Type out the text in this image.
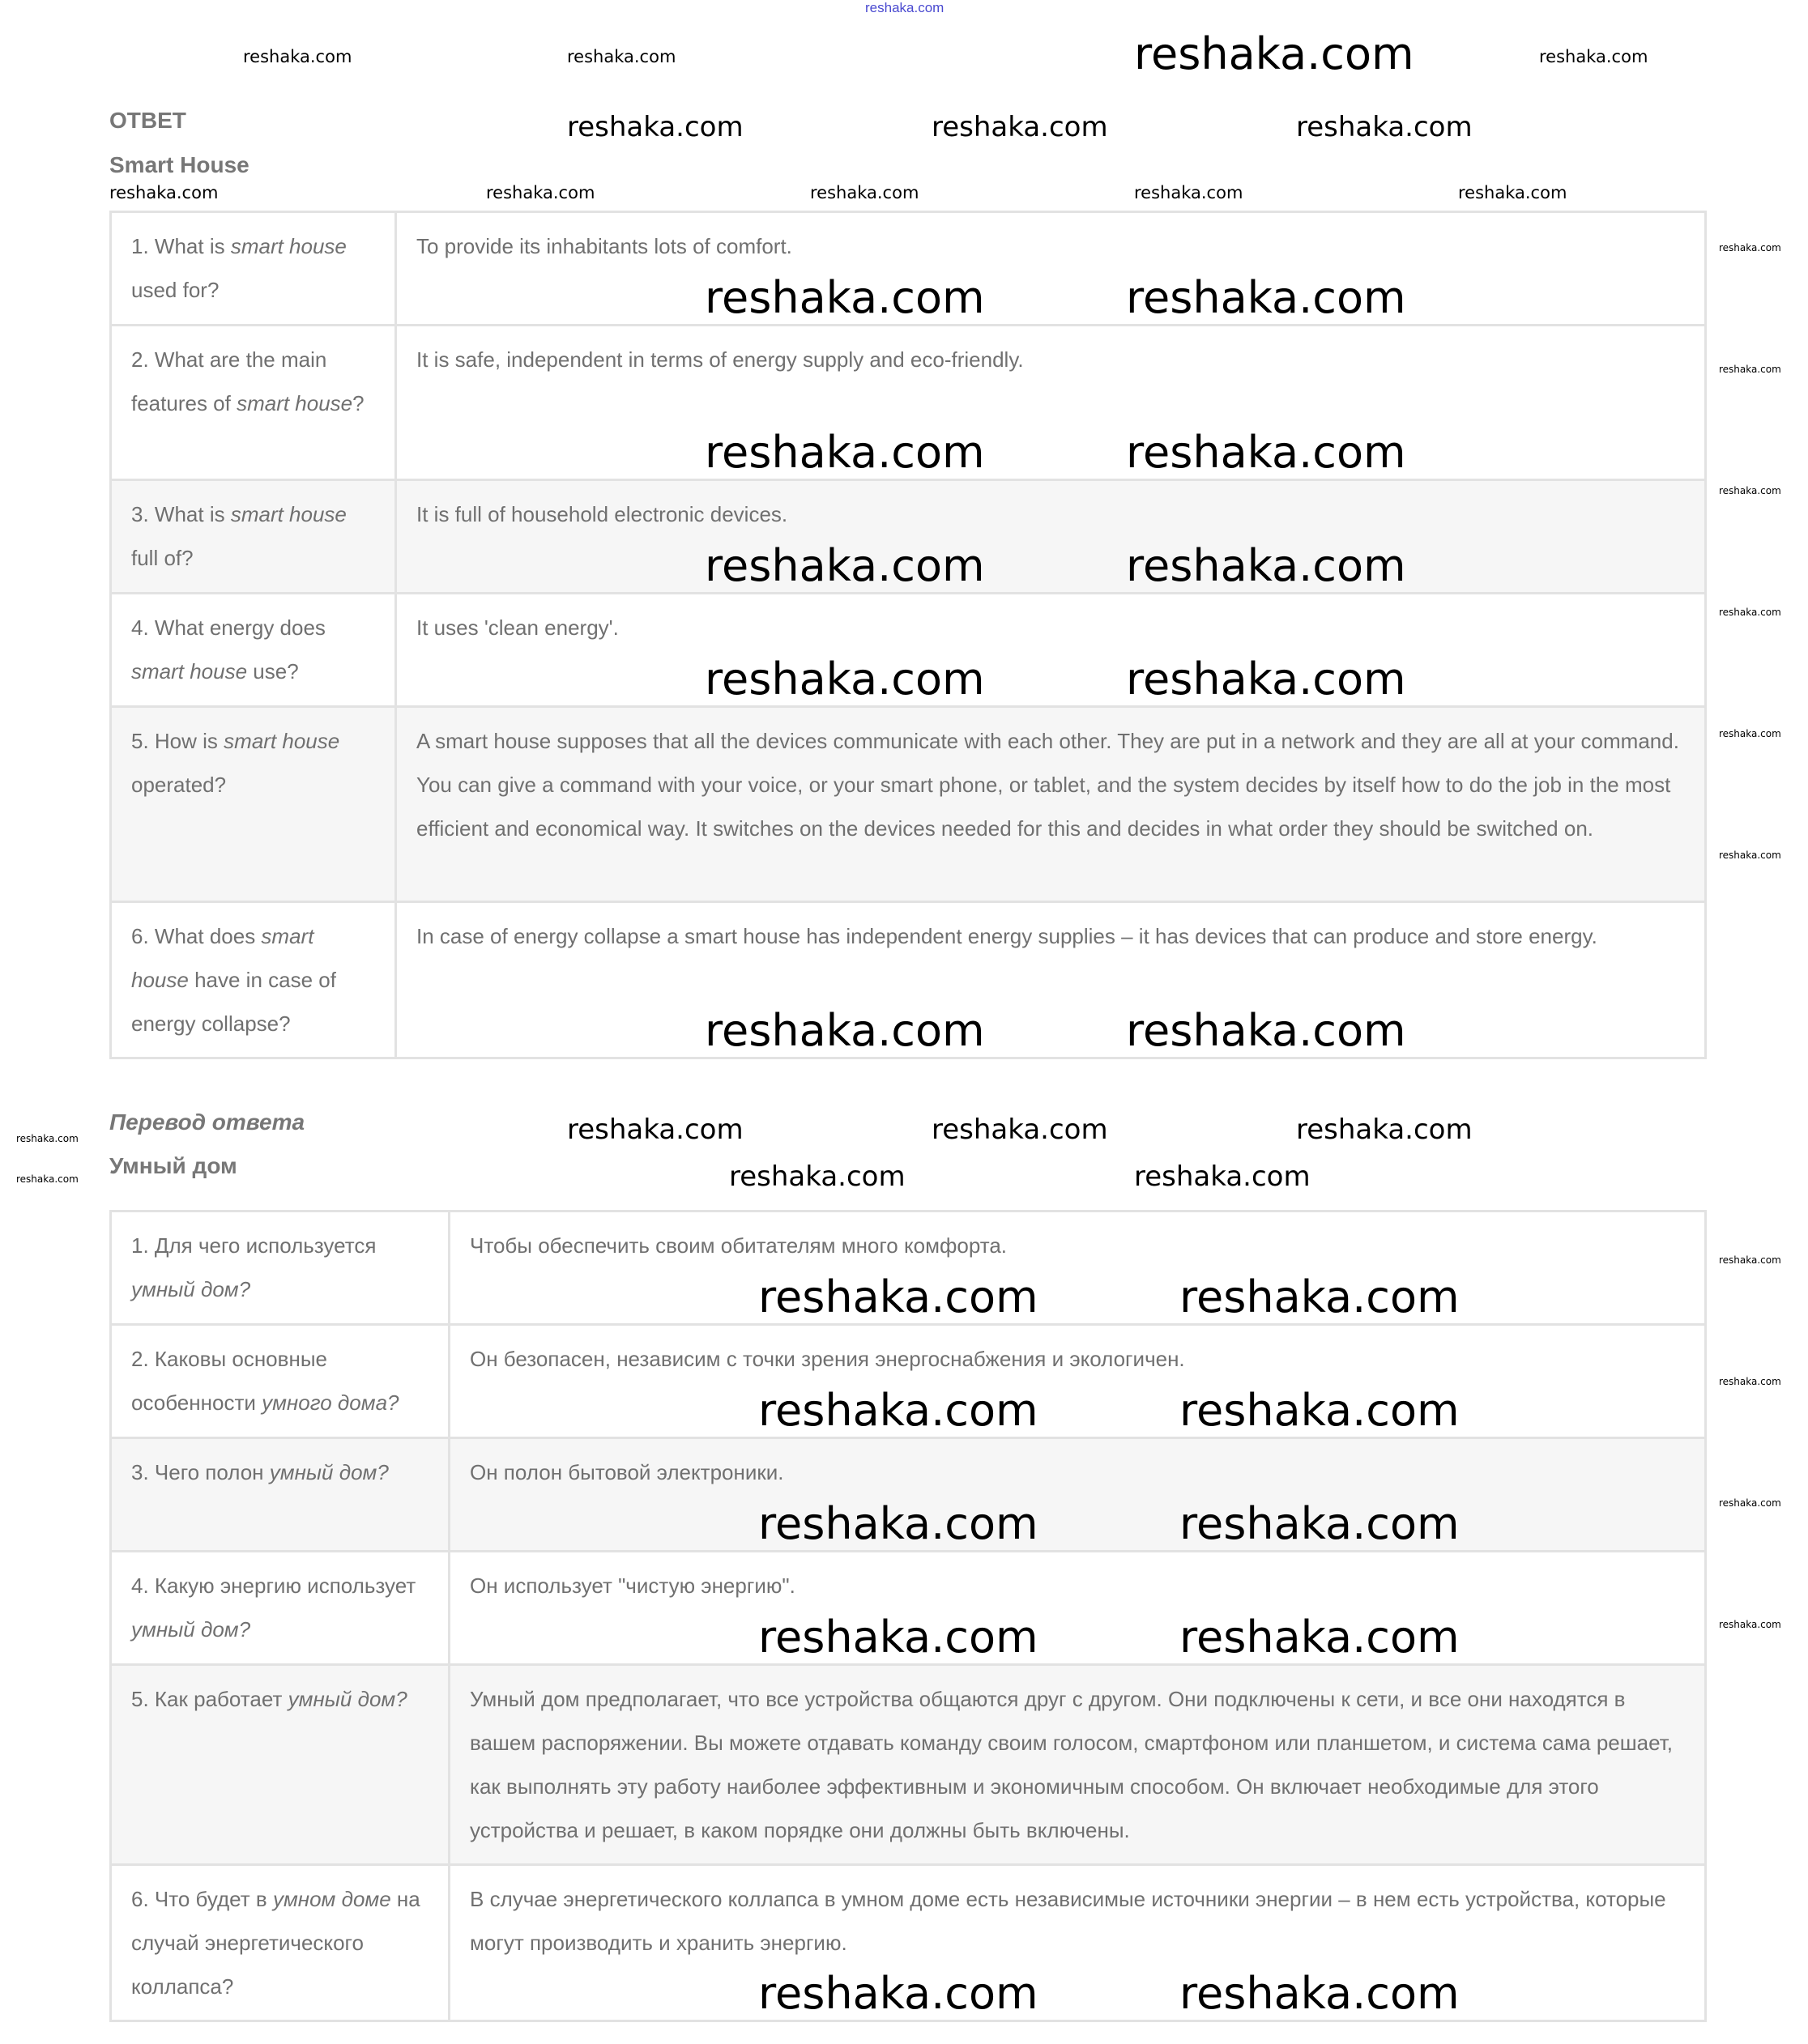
reshaka.com
ОТВЕТ
Smart House
1. What is smart house used for?	To provide its inhabitants lots of comfort.
reshaka.com reshaka.com

2. What are the main features of smart house?	It is safe, independent in terms of energy supply and eco-friendly.
reshaka.com reshaka.com

3. What is smart house full of?	It is full of household electronic devices.
reshaka.com reshaka.com

4. What energy does smart house use?	It uses 'clean energy'.
reshaka.com reshaka.com

5. How is smart house operated?	A smart house supposes that all the devices communicate with each other. They are put in a network and they are all at your command. You can give a command with your voice, or your smart phone, or tablet, and the system decides by itself how to do the job in the most efficient and economical way. It switches on the devices needed for this and decides in what order they should be switched on.
6. What does smart house have in case of energy collapse?	In case of energy collapse a smart house has independent energy supplies – it has devices that can produce and store energy.
reshaka.com reshaka.com
Перевод ответа
Умный дом
1. Для чего используется умный дом?	Чтобы обеспечить своим обитателям много комфорта.
reshaka.com reshaka.com

2. Каковы основные особенности умного дома?	Он безопасен, независим с точки зрения энергоснабжения и экологичен.
reshaka.com reshaka.com

3. Чего полон умный дом?	Он полон бытовой электроники.
reshaka.com reshaka.com

4. Какую энергию использует умный дом?	Он использует "чистую энергию".
reshaka.com reshaka.com

5. Как работает умный дом?	Умный дом предполагает, что все устройства общаются друг с другом. Они подключены к сети, и все они находятся в вашем распоряжении. Вы можете отдавать команду своим голосом, смартфоном или планшетом, и система сама решает, как выполнять эту работу наиболее эффективным и экономичным способом. Он включает необходимые для этого устройства и решает, в каком порядке они должны быть включены.
6. Что будет в умном доме на случай энергетического коллапса?	В случае энергетического коллапса в умном доме есть независимые источники энергии – в нем есть устройства, которые могут производить и хранить энергию.
reshaka.com reshaka.com
reshaka.com
reshaka.com	reshaka.com	reshaka.com
reshaka.com	reshaka.com	reshaka.com
reshaka.com	reshaka.com	reshaka.com	reshaka.com	reshaka.com
reshaka.com
reshaka.com
reshaka.com
reshaka.com
reshaka.com
reshaka.com
reshaka.com
reshaka.com
reshaka.com
reshaka.com
reshaka.com
reshaka.com
reshaka.com	reshaka.com	reshaka.com
reshaka.com	reshaka.com
